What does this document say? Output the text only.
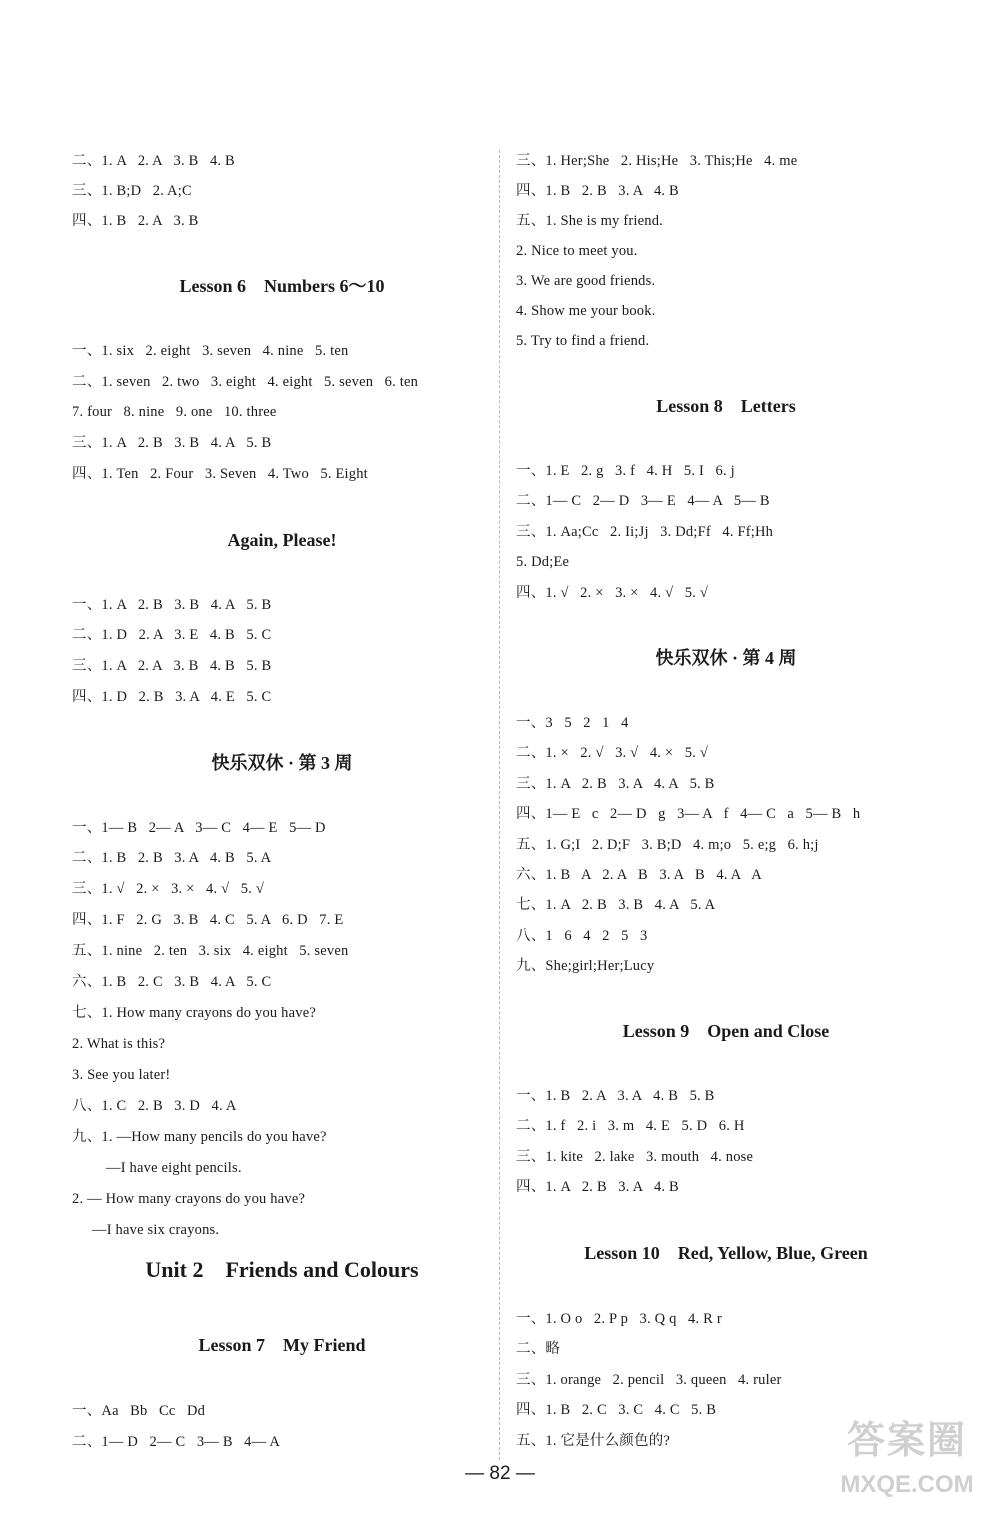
二、1. A   2. A   3. B   4. B
三、1. B;D   2. A;C
四、1. B   2. A   3. B
Lesson 6    Numbers 6～10
一、1. six   2. eight   3. seven   4. nine   5. ten
二、1. seven   2. two   3. eight   4. eight   5. seven   6. ten
7. four   8. nine   9. one   10. three
三、1. A   2. B   3. B   4. A   5. B
四、1. Ten   2. Four   3. Seven   4. Two   5. Eight
Again, Please!
一、1. A   2. B   3. B   4. A   5. B
二、1. D   2. A   3. E   4. B   5. C
三、1. A   2. A   3. B   4. B   5. B
四、1. D   2. B   3. A   4. E   5. C
快乐双休 · 第 3 周
一、1— B   2— A   3— C   4— E   5— D
二、1. B   2. B   3. A   4. B   5. A
三、1. √   2. ×   3. ×   4. √   5. √
四、1. F   2. G   3. B   4. C   5. A   6. D   7. E
五、1. nine   2. ten   3. six   4. eight   5. seven
六、1. B   2. C   3. B   4. A   5. C
七、1. How many crayons do you have?
2. What is this?
3. See you later!
八、1. C   2. B   3. D   4. A
九、1. —How many pencils do you have?
—I have eight pencils.
2. — How many crayons do you have?
—I have six crayons.
Unit 2    Friends and Colours
Lesson 7    My Friend
一、Aa   Bb   Cc   Dd
二、1— D   2— C   3— B   4— A
三、1. Her;She   2. His;He   3. This;He   4. me
四、1. B   2. B   3. A   4. B
五、1. She is my friend.
2. Nice to meet you.
3. We are good friends.
4. Show me your book.
5. Try to find a friend.
Lesson 8    Letters
一、1. E   2. g   3. f   4. H   5. I   6. j
二、1— C   2— D   3— E   4— A   5— B
三、1. Aa;Cc   2. Ii;Jj   3. Dd;Ff   4. Ff;Hh
5. Dd;Ee
四、1. √   2. ×   3. ×   4. √   5. √
快乐双休 · 第 4 周
一、3   5   2   1   4
二、1. ×   2. √   3. √   4. ×   5. √
三、1. A   2. B   3. A   4. A   5. B
四、1— E   c   2— D   g   3— A   f   4— C   a   5— B   h
五、1. G;I   2. D;F   3. B;D   4. m;o   5. e;g   6. h;j
六、1. B   A   2. A   B   3. A   B   4. A   A
七、1. A   2. B   3. B   4. A   5. A
八、1   6   4   2   5   3
九、She;girl;Her;Lucy
Lesson 9    Open and Close
一、1. B   2. A   3. A   4. B   5. B
二、1. f   2. i   3. m   4. E   5. D   6. H
三、1. kite   2. lake   3. mouth   4. nose
四、1. A   2. B   3. A   4. B
Lesson 10    Red, Yellow, Blue, Green
一、1. O o   2. P p   3. Q q   4. R r
二、略
三、1. orange   2. pencil   3. queen   4. ruler
四、1. B   2. C   3. C   4. C   5. B
五、1. 它是什么颜色的?
— 82 —
答案圈
MXQE.COM
